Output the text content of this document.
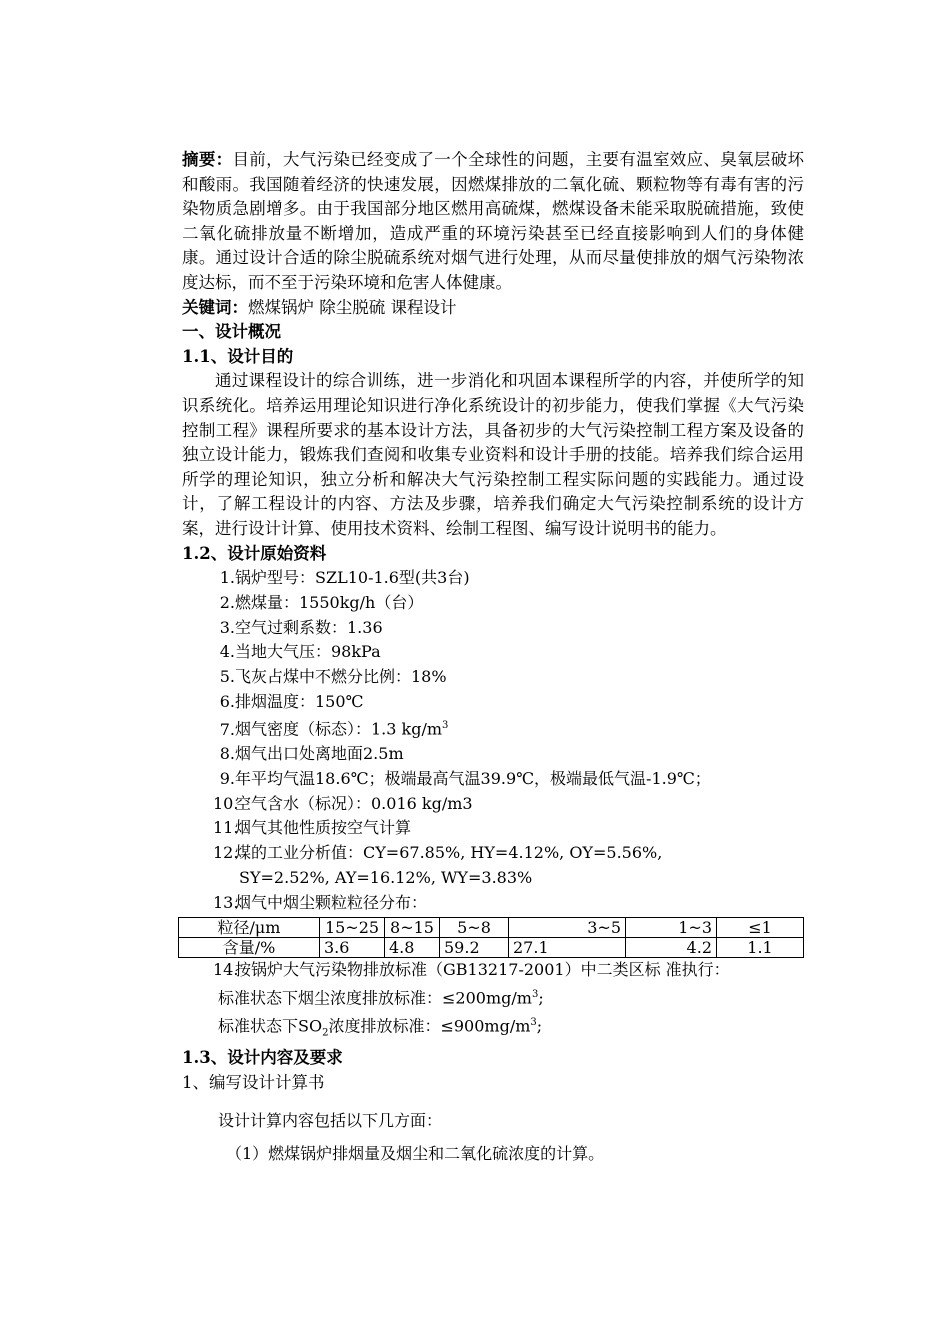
摘要：目前，大气污染已经变成了一个全球性的问题，主要有温室效应、臭氧层破坏和酸雨。我国随着经济的快速发展，因燃煤排放的二氧化硫、颗粒物等有毒有害的污染物质急剧增多。由于我国部分地区燃用高硫煤，燃煤设备未能采取脱硫措施，致使二氧化硫排放量不断增加，造成严重的环境污染甚至已经直接影响到人们的身体健康。通过设计合适的除尘脱硫系统对烟气进行处理，从而尽量使排放的烟气污染物浓度达标，而不至于污染环境和危害人体健康。

关键词：燃煤锅炉 除尘脱硫 课程设计

一、设计概况

1.1、设计目的

通过课程设计的综合训练，进一步消化和巩固本课程所学的内容，并使所学的知识系统化。培养运用理论知识进行净化系统设计的初步能力，使我们掌握《大气污染控制工程》课程所要求的基本设计方法，具备初步的大气污染控制工程方案及设备的独立设计能力，锻炼我们查阅和收集专业资料和设计手册的技能。培养我们综合运用所学的理论知识，独立分析和解决大气污染控制工程实际问题的实践能力。通过设计，了解工程设计的内容、方法及步骤，培养我们确定大气污染控制系统的设计方案，进行设计计算、使用技术资料、绘制工程图、编写设计说明书的能力。

1.2、设计原始资料

1.锅炉型号：SZL10-1.6型(共3台)
2.燃煤量：1550kg/h（台）
3.空气过剩系数：1.36
4.当地大气压：98kPa
5.飞灰占煤中不燃分比例：18%
6.排烟温度：150℃
7.烟气密度（标态）：1.3 $kg/m^3$
8.烟气出口处离地面2.5m
9.年平均气温18.6℃；极端最高气温39.9℃，极端最低气温-1.9℃；
10.空气含水（标况）：0.016 kg/m3
11.烟气其他性质按空气计算
12.煤的工业分析值：CY=67.85%, HY=4.12%, OY=5.56%,
SY=2.52%, AY=16.12%, WY=3.83%
13.烟气中烟尘颗粒粒径分布：
粒径/μm	15~25	8~15	5~8	3~5	1~3	≤1
含量/%	3.6	4.8	59.2	27.1	4.2	1.1
14.按锅炉大气污染物排放标准（GB13217-2001）中二类区标 准执行：
标准状态下烟尘浓度排放标准：$\le 200mg/m^3$;
标准状态下$SO_2$浓度排放标准：$\le 900mg/m^3$;

1.3、设计内容及要求

1、编写设计计算书

设计计算内容包括以下几方面：
（1）燃煤锅炉排烟量及烟尘和二氧化硫浓度的计算。
